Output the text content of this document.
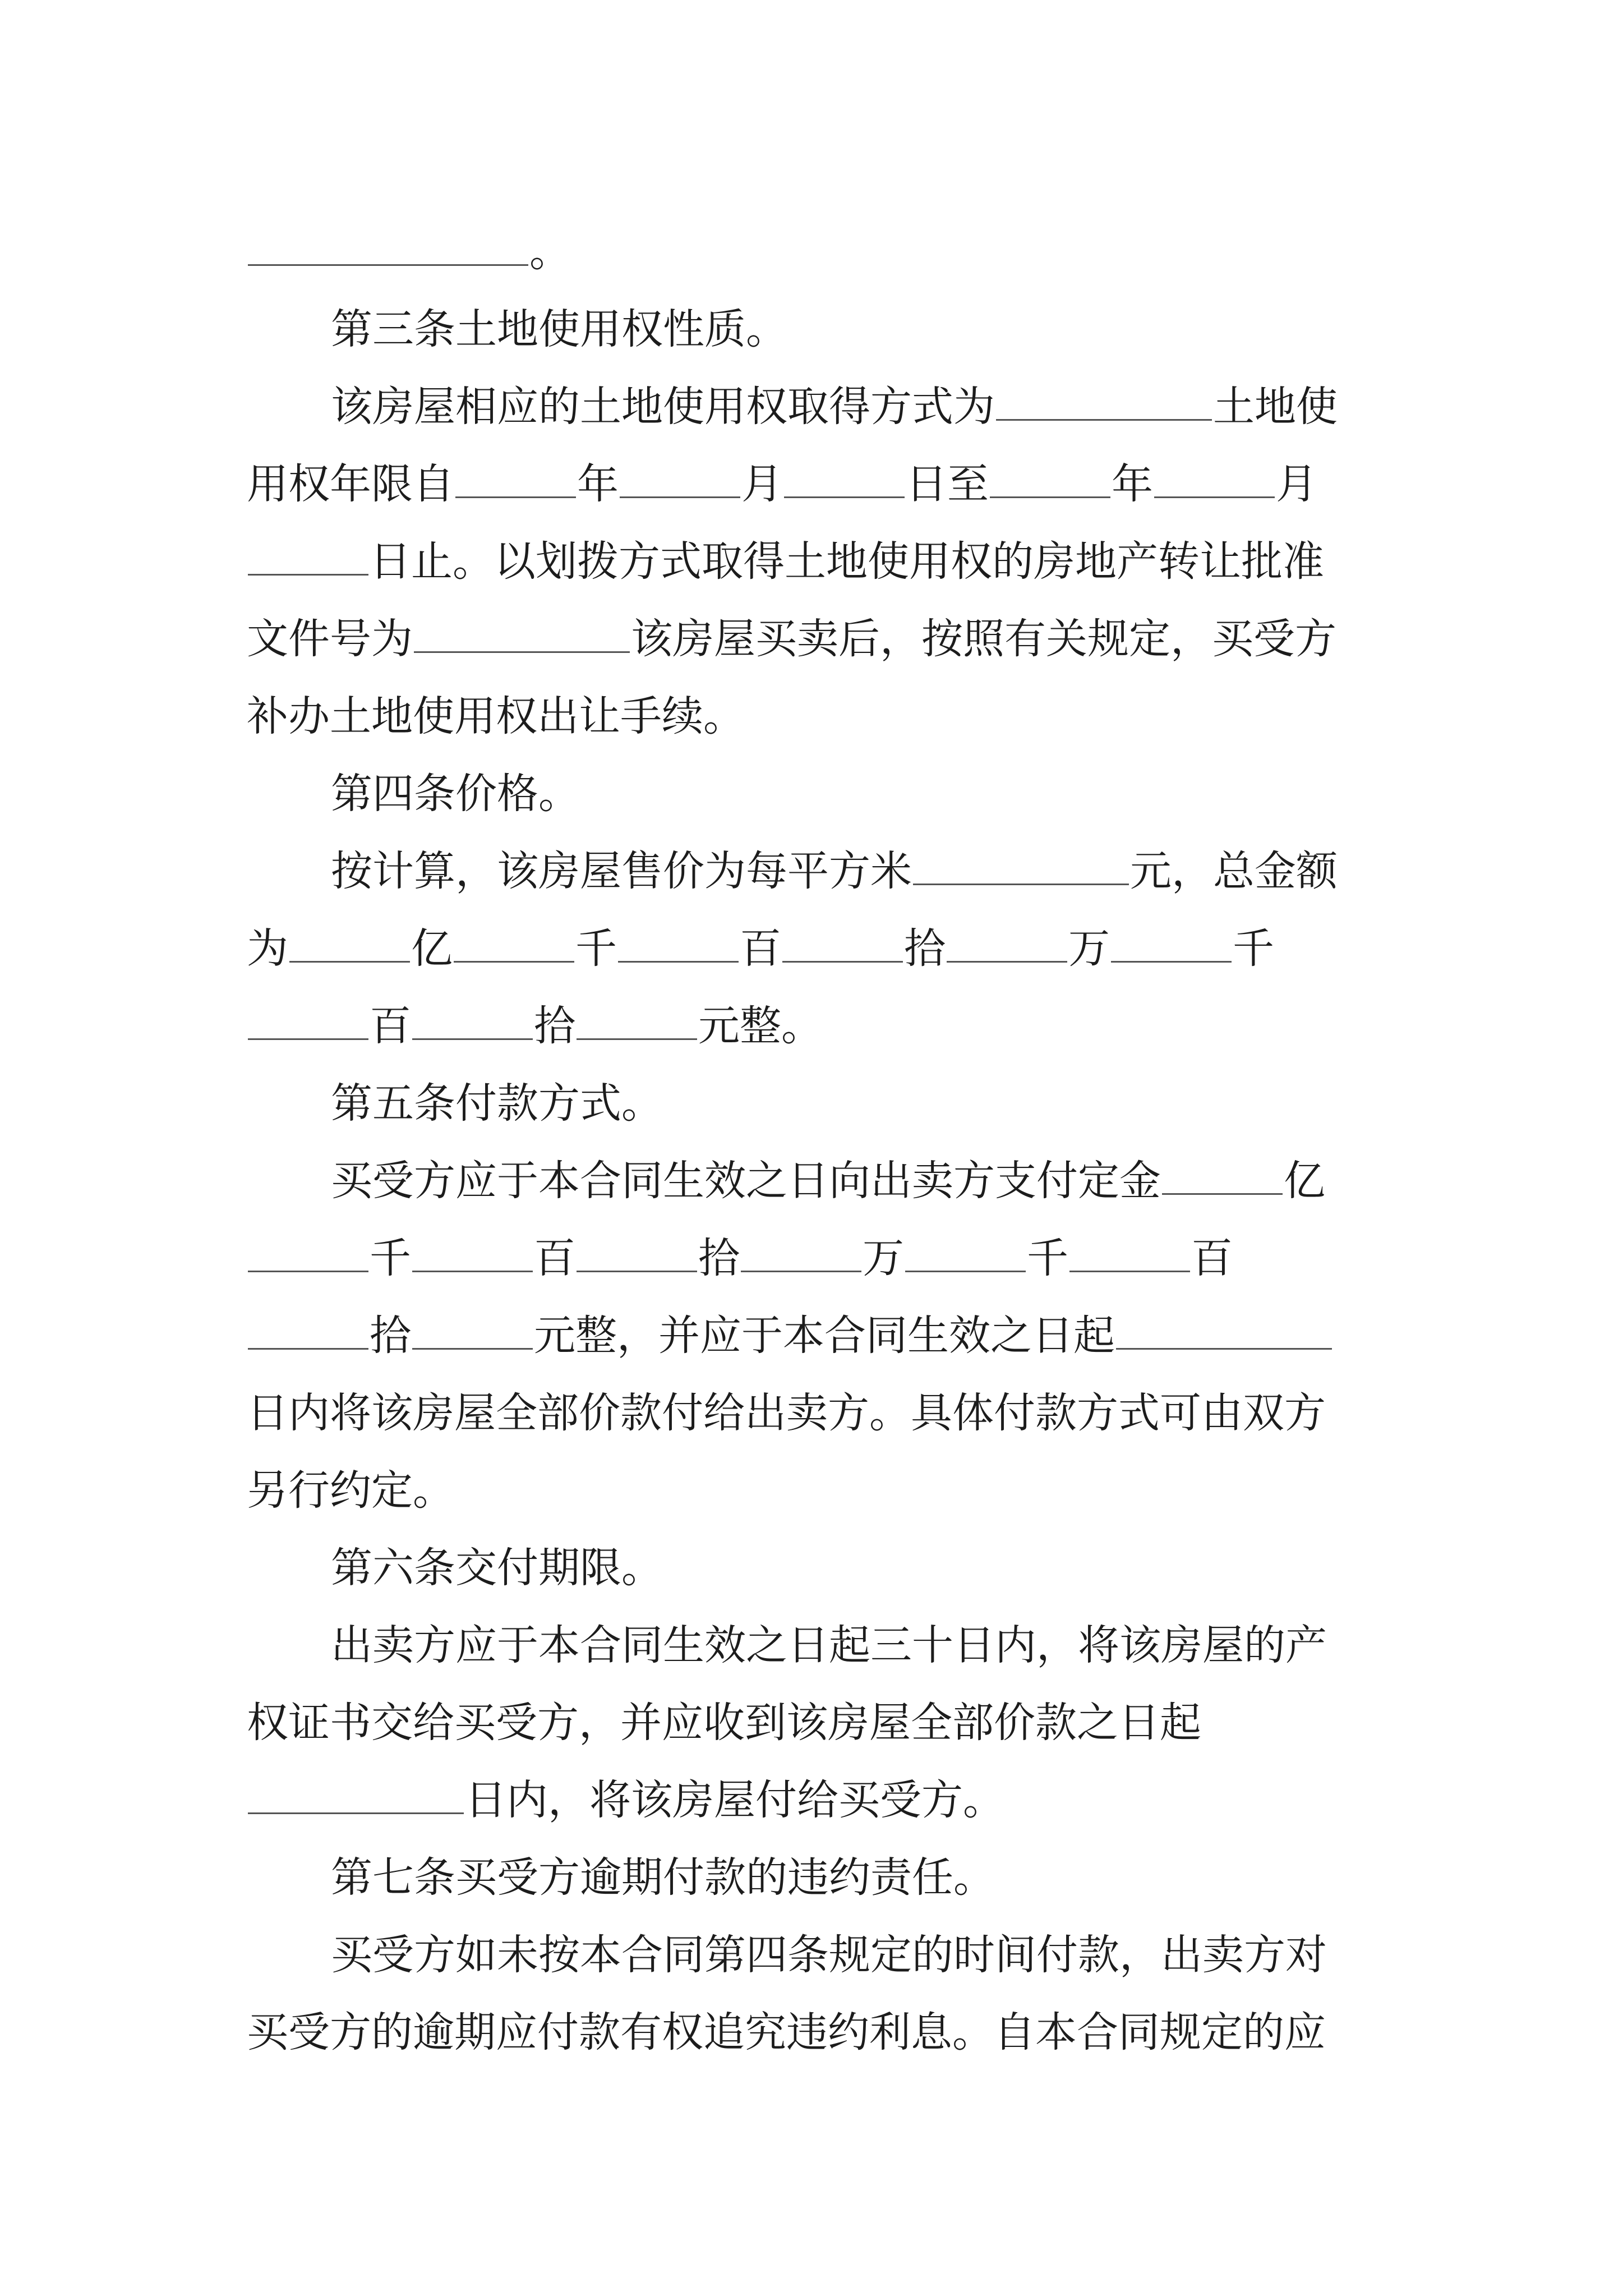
。
第三条土地使用权性质。
该房屋相应的土地使用权取得方式为	土地使
用权年限自	年	月	日至	年	月
日止。以划拨方式取得土地使用权的房地产转让批准
文件号为	该房屋买卖后，按照有关规定，买受方
补办土地使用权出让手续。
第四条价格。
按计算，该房屋售价为每平方米	元，总金额
为	亿	千	百	拾	万	千
百	拾	元整。
第五条付款方式。
买受方应于本合同生效之日向出卖方支付定金	亿
千	百	拾	万	千	百
拾	元整，并应于本合同生效之日起
日内将该房屋全部价款付给出卖方。具体付款方式可由双方
另行约定。
第六条交付期限。
出卖方应于本合同生效之日起三十日内，将该房屋的产
权证书交给买受方，并应收到该房屋全部价款之日起
日内，将该房屋付给买受方。
第七条买受方逾期付款的违约责任。
买受方如未按本合同第四条规定的时间付款，出卖方对
买受方的逾期应付款有权追究违约利息。自本合同规定的应
